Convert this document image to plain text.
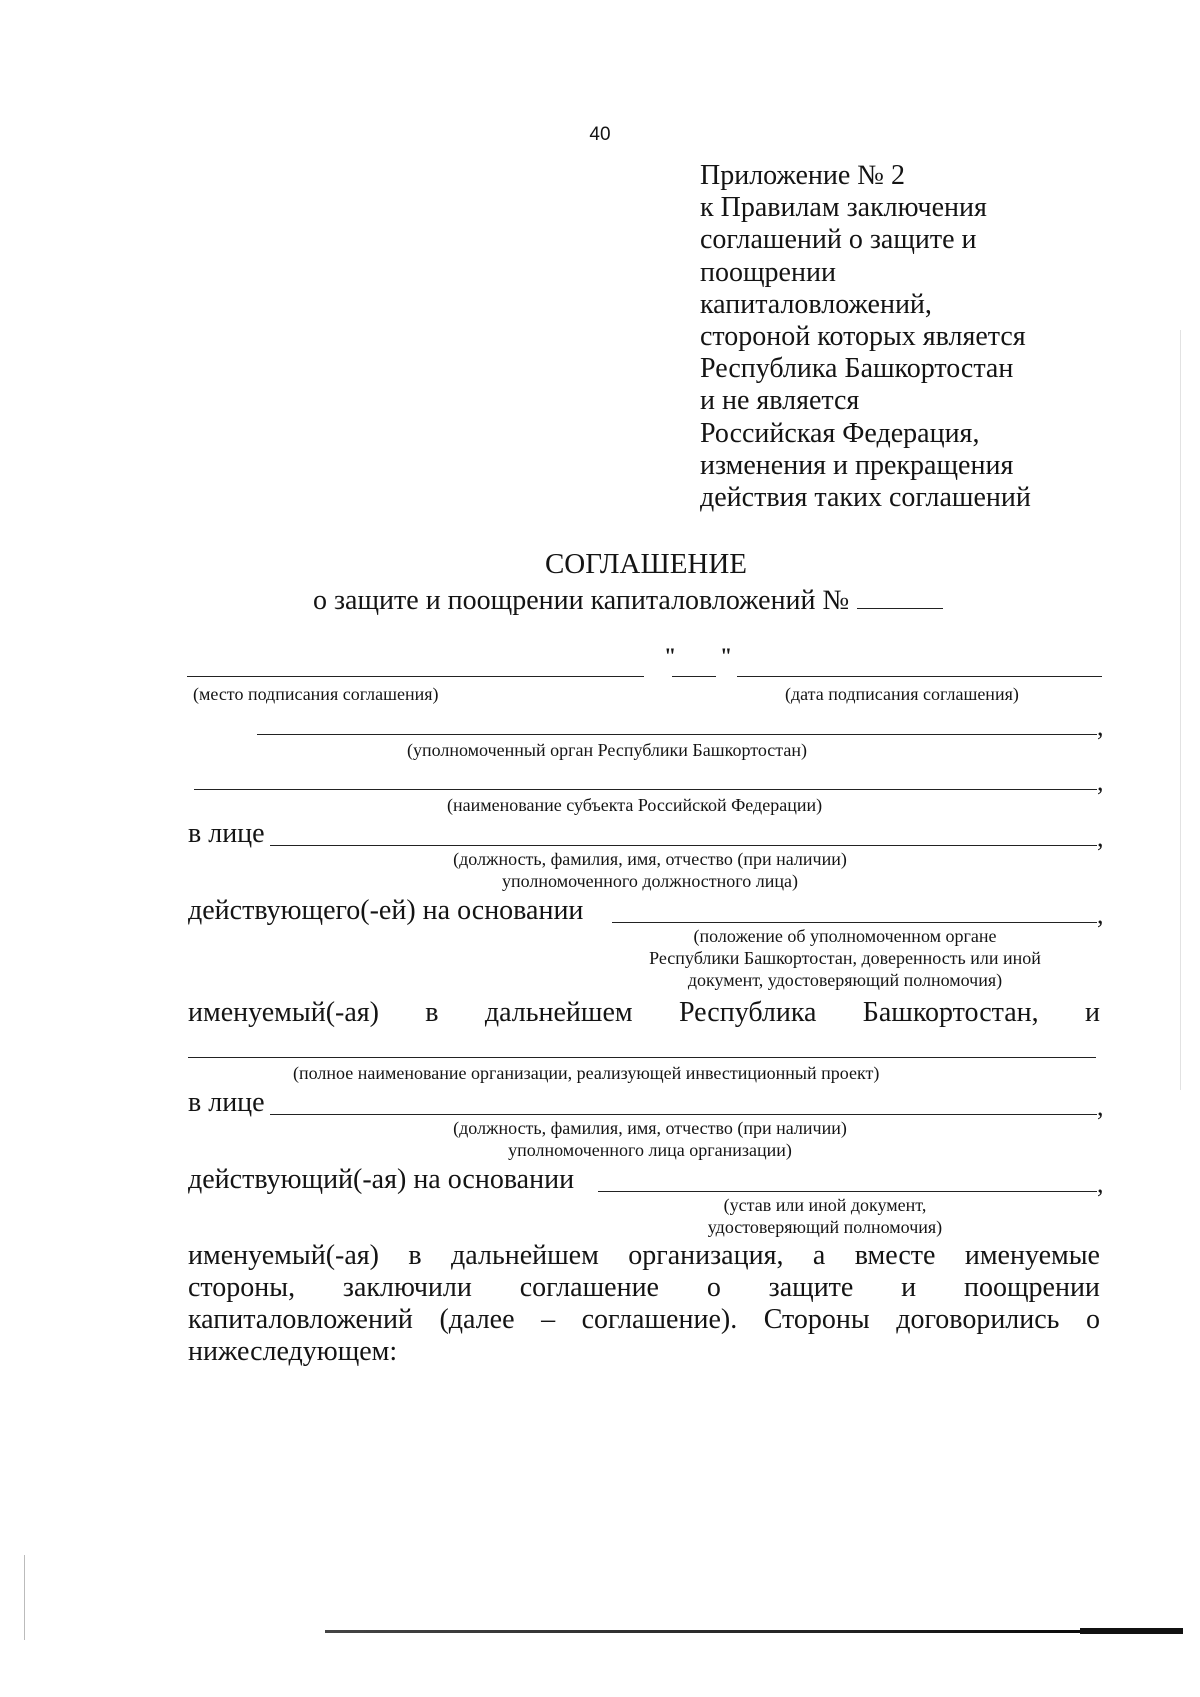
40
Приложение № 2
к Правилам заключения
соглашений о защите и
поощрении
капиталовложений,
стороной которых является
Республика Башкортостан
и не является
Российская Федерация,
изменения и прекращения
действия таких соглашений
СОГЛАШЕНИЕ
о защите и поощрении капиталовложений №
" "
(место подписания соглашения)	(дата подписания соглашения)
,
(уполномоченный орган Республики Башкортостан)
,
(наименование субъекта Российской Федерации)
в лице	,
(должность, фамилия, имя, отчество (при наличии)
уполномоченного должностного лица)
действующего(-ей) на основании	,
(положение об уполномоченном органе
Республики Башкортостан, доверенность или иной
документ, удостоверяющий полномочия)
именуемый(-ая) в дальнейшем Республика Башкортостан, и
(полное наименование организации, реализующей инвестиционный проект)
в лице	,
(должность, фамилия, имя, отчество (при наличии)
уполномоченного лица организации)
действующий(-ая) на основании	,
(устав или иной документ,
удостоверяющий полномочия)
именуемый(-ая) в дальнейшем организация, а вместе именуемые
стороны, заключили соглашение о защите и поощрении
капиталовложений (далее – соглашение). Стороны договорились о
нижеследующем:
